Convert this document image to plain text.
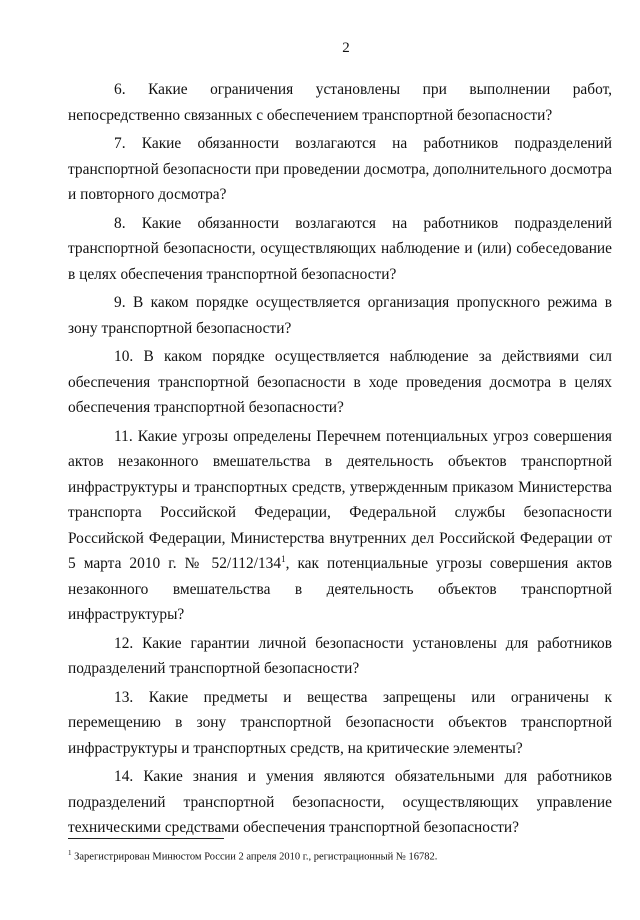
2

6. Какие ограничения установлены при выполнении работ, непосредственно связанных с обеспечением транспортной безопасности?

7. Какие обязанности возлагаются на работников подразделений транспортной безопасности при проведении досмотра, дополнительного досмотра и повторного досмотра?

8. Какие обязанности возлагаются на работников подразделений транспортной безопасности, осуществляющих наблюдение и (или) собеседование в целях обеспечения транспортной безопасности?

9. В каком порядке осуществляется организация пропускного режима в зону транспортной безопасности?

10. В каком порядке осуществляется наблюдение за действиями сил обеспечения транспортной безопасности в ходе проведения досмотра в целях обеспечения транспортной безопасности?

11. Какие угрозы определены Перечнем потенциальных угроз совершения актов незаконного вмешательства в деятельность объектов транспортной инфраструктуры и транспортных средств, утвержденным приказом Министерства транспорта Российской Федерации, Федеральной службы безопасности Российской Федерации, Министерства внутренних дел Российской Федерации от 5 марта 2010 г. № $52/112/134^1$, как потенциальные угрозы совершения актов незаконного вмешательства в деятельность объектов транспортной инфраструктуры?

12. Какие гарантии личной безопасности установлены для работников подразделений транспортной безопасности?

13. Какие предметы и вещества запрещены или ограничены к перемещению в зону транспортной безопасности объектов транспортной инфраструктуры и транспортных средств, на критические элементы?

14. Какие знания и умения являются обязательными для работников подразделений транспортной безопасности, осуществляющих управление техническими средствами обеспечения транспортной безопасности?

$^1$ Зарегистрирован Минюстом России 2 апреля 2010 г., регистрационный № 16782.
